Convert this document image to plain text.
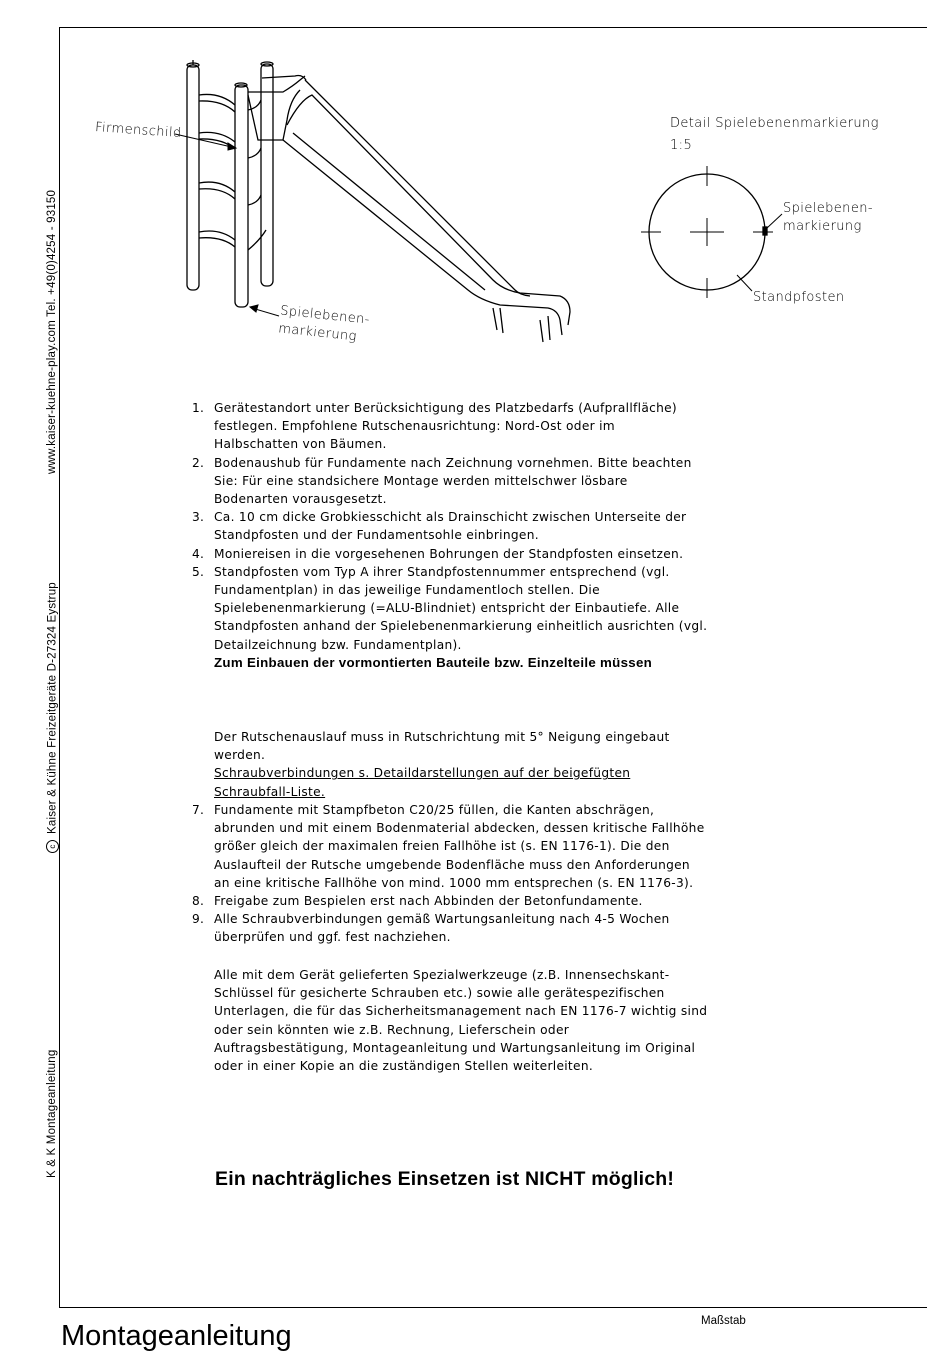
www.kaiser-kuehne-play.com Tel. +49(0)4254 - 93150
cKaiser & Kühne Freizeitgeräte D-27324 Eystrup
K & K Montageanleitung
Firmenschild
Spielebenen-
markierung
Detail Spielebenenmarkierung
1:5
Spielebenen-
markierung
Standpfosten
1. Gerätestandort unter Berücksichtigung des Platzbedarfs (Aufprallfläche)
festlegen. Empfohlene Rutschenausrichtung: Nord-Ost oder im
Halbschatten von Bäumen.
2. Bodenaushub für Fundamente nach Zeichnung vornehmen. Bitte beachten
Sie: Für eine standsichere Montage werden mittelschwer lösbare
Bodenarten vorausgesetzt.
3. Ca. 10 cm dicke Grobkiesschicht als Drainschicht zwischen Unterseite der
Standpfosten und der Fundamentsohle einbringen.
4. Moniereisen in die vorgesehenen Bohrungen der Standpfosten einsetzen.
5. Standpfosten vom Typ A ihrer Standpfostennummer entsprechend (vgl.
Fundamentplan) in das jeweilige Fundamentloch stellen. Die
Spielebenenmarkierung (=ALU-Blindniet) entspricht der Einbautiefe. Alle
Standpfosten anhand der Spielebenenmarkierung einheitlich ausrichten (vgl.
Detailzeichnung bzw. Fundamentplan).
Zum Einbauen der vormontierten Bauteile bzw. Einzelteile müssen
Der Rutschenauslauf muss in Rutschrichtung mit 5° Neigung eingebaut
werden.
Schraubverbindungen s. Detaildarstellungen auf der beigefügten
Schraubfall-Liste.
7. Fundamente mit Stampfbeton C20/25 füllen, die Kanten abschrägen,
abrunden und mit einem Bodenmaterial abdecken, dessen kritische Fallhöhe
größer gleich der maximalen freien Fallhöhe ist (s. EN 1176-1). Die den
Auslaufteil der Rutsche umgebende Bodenfläche muss den Anforderungen
an eine kritische Fallhöhe von mind. 1000 mm entsprechen (s. EN 1176-3).
8. Freigabe zum Bespielen erst nach Abbinden der Betonfundamente.
9. Alle Schraubverbindungen gemäß Wartungsanleitung nach 4-5 Wochen
überprüfen und ggf. fest nachziehen.
Alle mit dem Gerät gelieferten Spezialwerkzeuge (z.B. Innensechskant-
Schlüssel für gesicherte Schrauben etc.) sowie alle gerätespezifischen
Unterlagen, die für das Sicherheitsmanagement nach EN 1176-7 wichtig sind
oder sein könnten wie z.B. Rechnung, Lieferschein oder
Auftragsbestätigung, Montageanleitung und Wartungsanleitung im Original
oder in einer Kopie an die zuständigen Stellen weiterleiten.
Ein nachträgliches Einsetzen ist NICHT möglich!
Maßstab
Montageanleitung
